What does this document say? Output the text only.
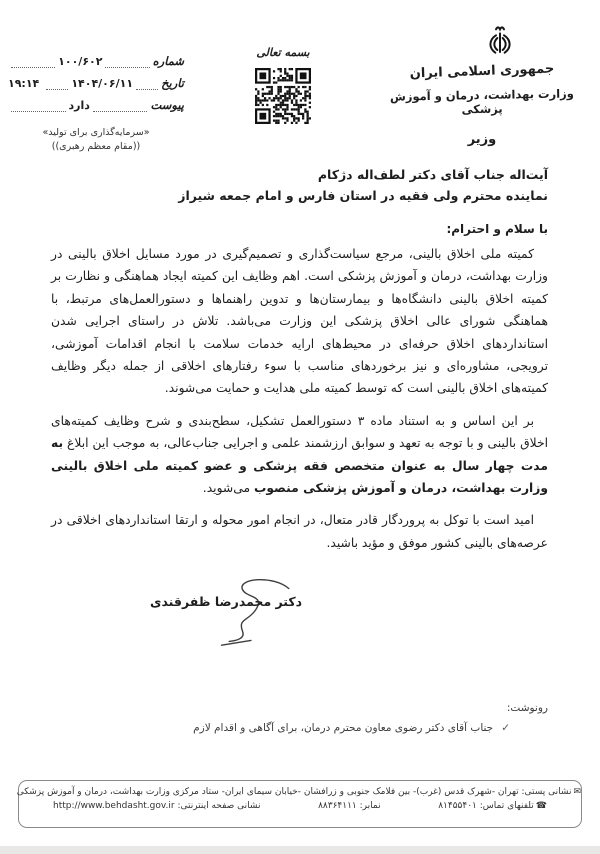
جمهوری اسلامی ایران
وزارت بهداشت، درمان و آموزش پزشکی
وزیر
بسمه تعالی
شماره
۱۰۰/۶۰۲
تاریخ
۱۴۰۴/۰۶/۱۱
۱۹:۱۴
پیوست
دارد
«سرمایه‌گذاری برای تولید»
((مقام معظم رهبری))
آیت‌اله جناب آقای دکتر لطف‌اله دژکام
نماینده محترم ولی فقیه در استان فارس و امام جمعه شیراز
با سلام و احترام:

کمیته ملی اخلاق بالینی، مرجع سیاست‌گذاری و تصمیم‌گیری در مورد مسایل اخلاق بالینی در وزارت بهداشت، درمان و آموزش پزشکی است. اهم وظایف این کمیته ایجاد هماهنگی و نظارت بر کمیته اخلاق بالینی دانشگاه‌ها و بیمارستان‌ها و تدوین راهنماها و دستورالعمل‌های مرتبط، با هماهنگی شورای عالی اخلاق پزشکی این وزارت می‌باشد. تلاش در راستای اجرایی شدن استانداردهای اخلاق حرفه‌ای در محیط‌های ارایه خدمات سلامت با انجام اقدامات آموزشی، ترویجی، مشاوره‌ای و نیز برخوردهای مناسب با سوء رفتارهای اخلاقی از جمله دیگر وظایف کمیته‌های اخلاق بالینی است که توسط کمیته ملی هدایت و حمایت می‌شوند.

بر این اساس و به استناد ماده ۳ دستورالعمل تشکیل، سطح‌بندی و شرح وظایف کمیته‌های اخلاق بالینی و با توجه به تعهد و سوابق ارزشمند علمی و اجرایی جناب‌عالی، به موجب این ابلاغ به مدت چهار سال به عنوان متخصص فقه پزشکی و عضو کمیته ملی اخلاق بالینی وزارت بهداشت، درمان و آموزش پزشکی منصوب می‌شوید.

امید است با توکل به پروردگار قادر متعال، در انجام امور محوله و ارتقا استانداردهای اخلاقی در عرصه‌های بالینی کشور موفق و مؤید باشید.

دکتر محمدرضا ظفرقندی
رونوشت:
✓جناب آقای دکتر رضوی معاون محترم درمان، برای آگاهی و اقدام لازم
✉نشانی پستی: تهران -شهرک قدس (غرب)- بین فلامک جنوبی و زرافشان -خیابان سیمای ایران- ستاد مرکزی وزارت بهداشت، درمان و آموزش پزشکی
☎تلفنهای تماس: ۸۱۴۵۵۴۰۱
نمابر: ۸۸۳۶۴۱۱۱
نشانی صفحه اینترنتی: http://www.behdasht.gov.ir
